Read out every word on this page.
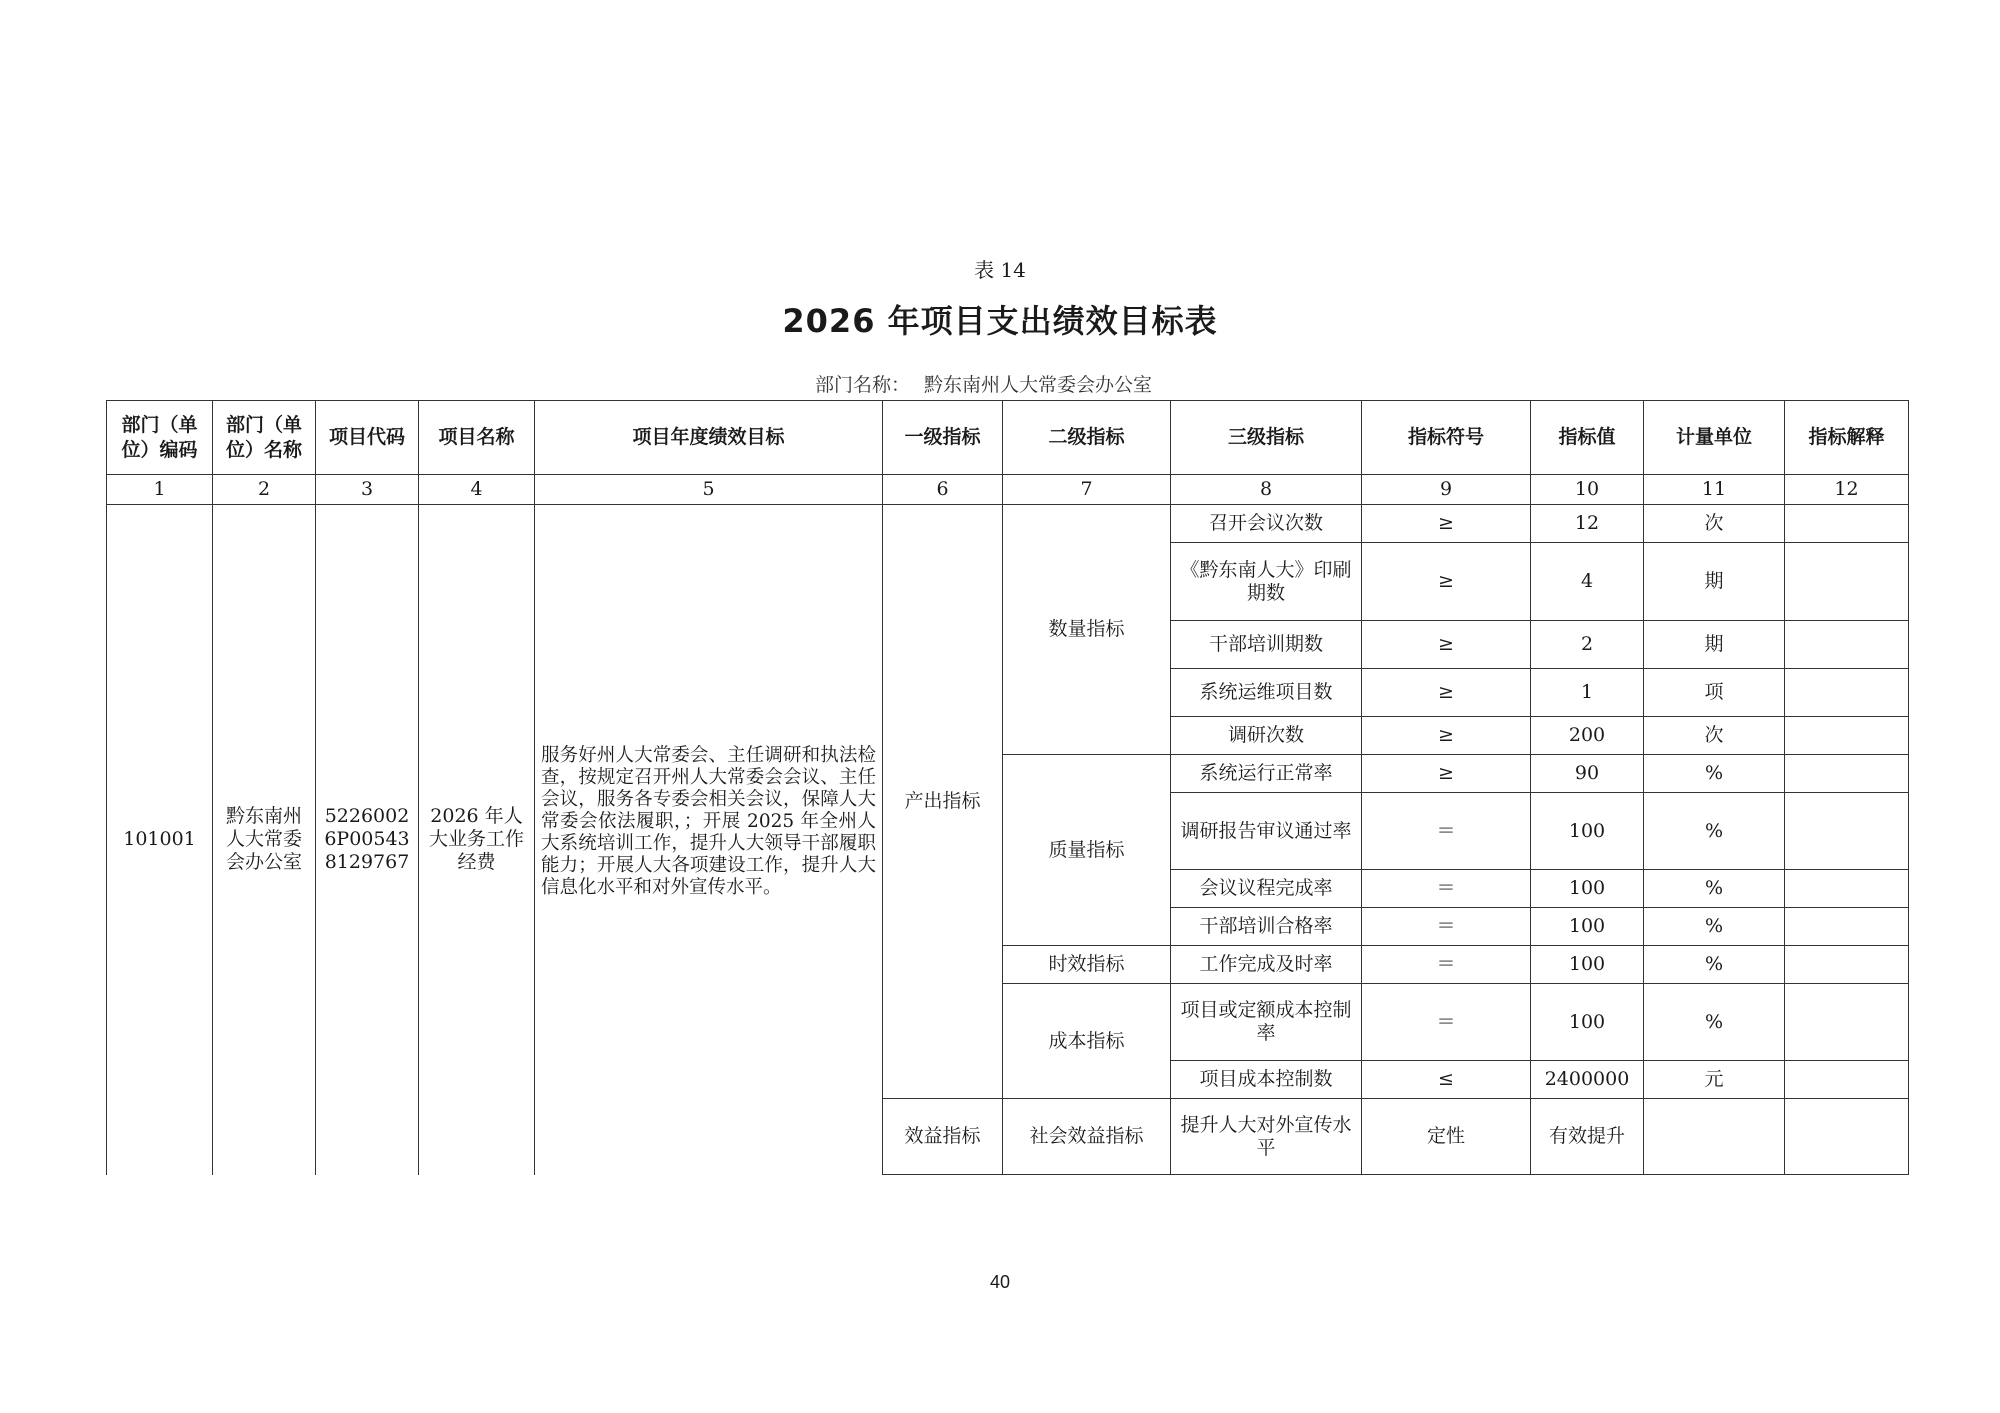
表 14
2026 年项目支出绩效目标表
部门名称： 黔东南州人大常委会办公室
部门（单位）编码	部门（单位）名称	项目代码	项目名称	项目年度绩效目标	一级指标	二级指标	三级指标	指标符号	指标值	计量单位	指标解释
1	2	3	4	5	6	7	8	9	10	11	12
101001	黔东南州人大常委会办公室	52260026P005438129767	2026 年人大业务工作经费	服务好州人大常委会、主任调研和执法检查，按规定召开州人大常委会会议、主任会议，服务各专委会相关会议，保障人大常委会依法履职，；开展 2025 年全州人大系统培训工作，提升人大领导干部履职能力；开展人大各项建设工作，提升人大信息化水平和对外宣传水平。	产出指标	数量指标	召开会议次数	≥	12	次	
							《黔东南人大》印刷期数	≥	4	期	
							干部培训期数	≥	2	期	
							系统运维项目数	≥	1	项	
							调研次数	≥	200	次	
						质量指标	系统运行正常率	≥	90	%	
							调研报告审议通过率	＝	100	%	
							会议议程完成率	＝	100	%	
							干部培训合格率	＝	100	%	
						时效指标	工作完成及时率	＝	100	%	
						成本指标	项目或定额成本控制率	＝	100	%	
							项目成本控制数	≤	2400000	元	
					效益指标	社会效益指标	提升人大对外宣传水平	定性	有效提升		
40
